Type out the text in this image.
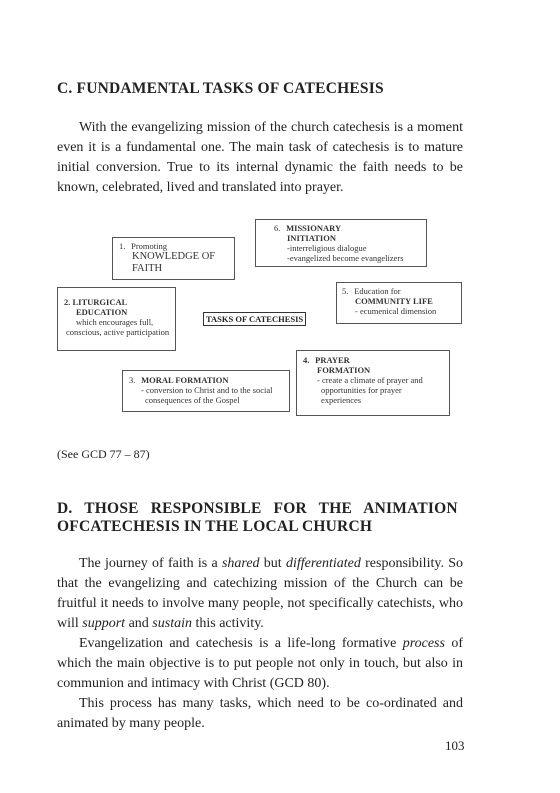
C. FUNDAMENTAL TASKS OF CATECHESIS

With the evangelizing mission of the church catechesis is a moment even it is a fundamental one. The main task of catechesis is to mature initial conversion. True to its internal dynamic the faith needs to be known, celebrated, lived and translated into prayer.

6. MISSIONARY
INITIATION
-interreligious dialogue
-evangelized become evangelizers
1. Promoting
KNOWLEDGE OF
FAITH
5. Education for
COMMUNITY LIFE
- ecumenical dimension
2. LITURGICAL
EDUCATION
which encourages full,
conscious, active participation
TASKS OF CATECHESIS
4. PRAYER
FORMATION
- create a climate of prayer and
opportunities for prayer
experiences
3. MORAL FORMATION
- conversion to Christ and to the social
consequences of the Gospel
(See GCD 77 – 87)
D. THOSE RESPONSIBLE FOR THE ANIMATION OF CATECHESIS IN THE LOCAL CHURCH

The journey of faith is a shared but differentiated responsibility. So that the evangelizing and catechizing mission of the Church can be fruitful it needs to involve many people, not specifically catechists, who will support and sustain this activity.

Evangelization and catechesis is a life-long formative process of which the main objective is to put people not only in touch, but also in communion and intimacy with Christ (GCD 80).

This process has many tasks, which need to be co-ordinated and animated by many people.

103
